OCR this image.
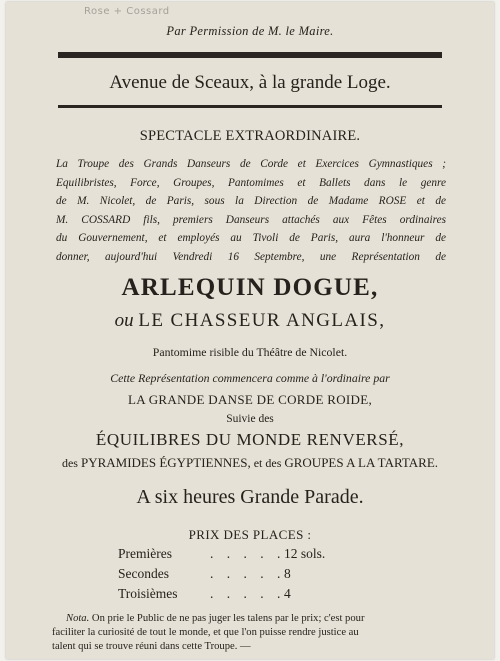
Rose + Cossard
Par Permission de M. le Maire.
Avenue de Sceaux, à la grande Loge.
SPECTACLE EXTRAORDINAIRE.
La Troupe des Grands Danseurs de Corde et Exercices Gymnastiques ;
Equilibristes, Force, Groupes, Pantomimes et Ballets dans le genre
de M. Nicolet, de Paris, sous la Direction de Madame ROSE et de
M. COSSARD fils, premiers Danseurs attachés aux Fêtes ordinaires
du Gouvernement, et employés au Tivoli de Paris, aura l'honneur de
donner, aujourd'hui Vendredi 16 Septembre, une Représentation de
ARLEQUIN DOGUE,
ou LE CHASSEUR ANGLAIS,
Pantomime risible du Théâtre de Nicolet.
Cette Représentation commencera comme à l'ordinaire par
LA GRANDE DANSE DE CORDE ROIDE,
Suivie des
ÉQUILIBRES DU MONDE RENVERSÉ,
des PYRAMIDES ÉGYPTIENNES, et des GROUPES A LA TARTARE.
A six heures Grande Parade.
PRIX DES PLACES :
Premières	. . . . .
12 sols.
Secondes	. . . . .
8
Troisièmes . . . . .
4
Nota. On prie le Public de ne pas juger les talens par le prix; c'est pour
faciliter la curiosité de tout le monde, et que l'on puisse rendre justice au
talent qui se trouve réuni dans cette Troupe. —
